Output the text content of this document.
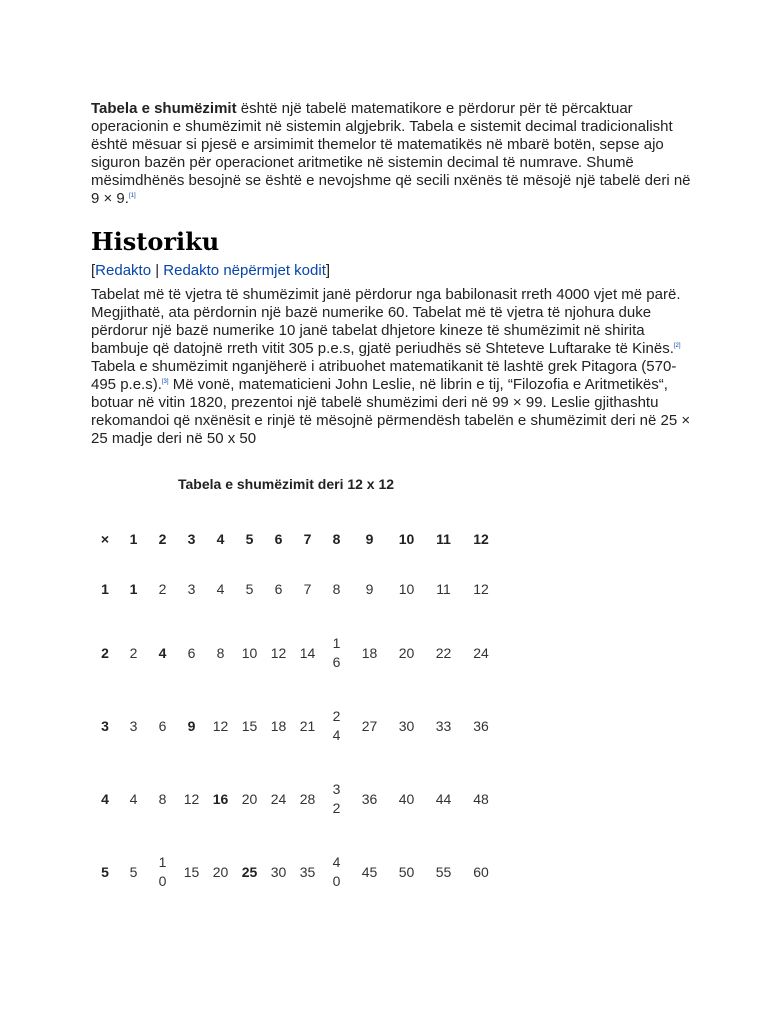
Tabela e shumëzimit është një tabelë matematikore e përdorur për të përcaktuar operacionin e shumëzimit në sistemin algjebrik. Tabela e sistemit decimal tradicionalisht është mësuar si pjesë e arsimimit themelor të matematikës në mbarë botën, sepse ajo siguron bazën për operacionet aritmetike në sistemin decimal të numrave. Shumë mësimdhënës besojnë se është e nevojshme që secili nxënës të mësojë një tabelë deri në 9 × 9.[1]

Historiku
[Redakto | Redakto nëpërmjet kodit]

Tabelat më të vjetra të shumëzimit janë përdorur nga babilonasit rreth 4000 vjet më parë. Megjithatë, ata përdornin një bazë numerike 60. Tabelat më të vjetra të njohura duke përdorur një bazë numerike 10 janë tabelat dhjetore kineze të shumëzimit në shirita bambuje që datojnë rreth vitit 305 p.e.s, gjatë periudhës së Shteteve Luftarake të Kinës.[2] Tabela e shumëzimit nganjëherë i atribuohet matematikanit të lashtë grek Pitagora (570-495 p.e.s).[3] Më vonë, matematicieni John Leslie, në librin e tij, “Filozofia e Aritmetikës“, botuar në vitin 1820, prezentoi një tabelë shumëzimi deri në 99 × 99. Leslie gjithashtu rekomandoi që nxënësit e rinjë të mësojnë përmendësh tabelën e shumëzimit deri në 25 × 25 madje deri në 50 x 50

Tabela e shumëzimit deri 12 x 12
×	1	2	3	4	5	6	7	8	9	10	11	12
1	1	2	3	4	5	6	7	8	9	10	11	12
2	2	4	6	8	10	12	14	16	18	20	22	24
3	3	6	9	12	15	18	21	24	27	30	33	36
4	4	8	12	16	20	24	28	32	36	40	44	48
5	5	10	15	20	25	30	35	40	45	50	55	60
